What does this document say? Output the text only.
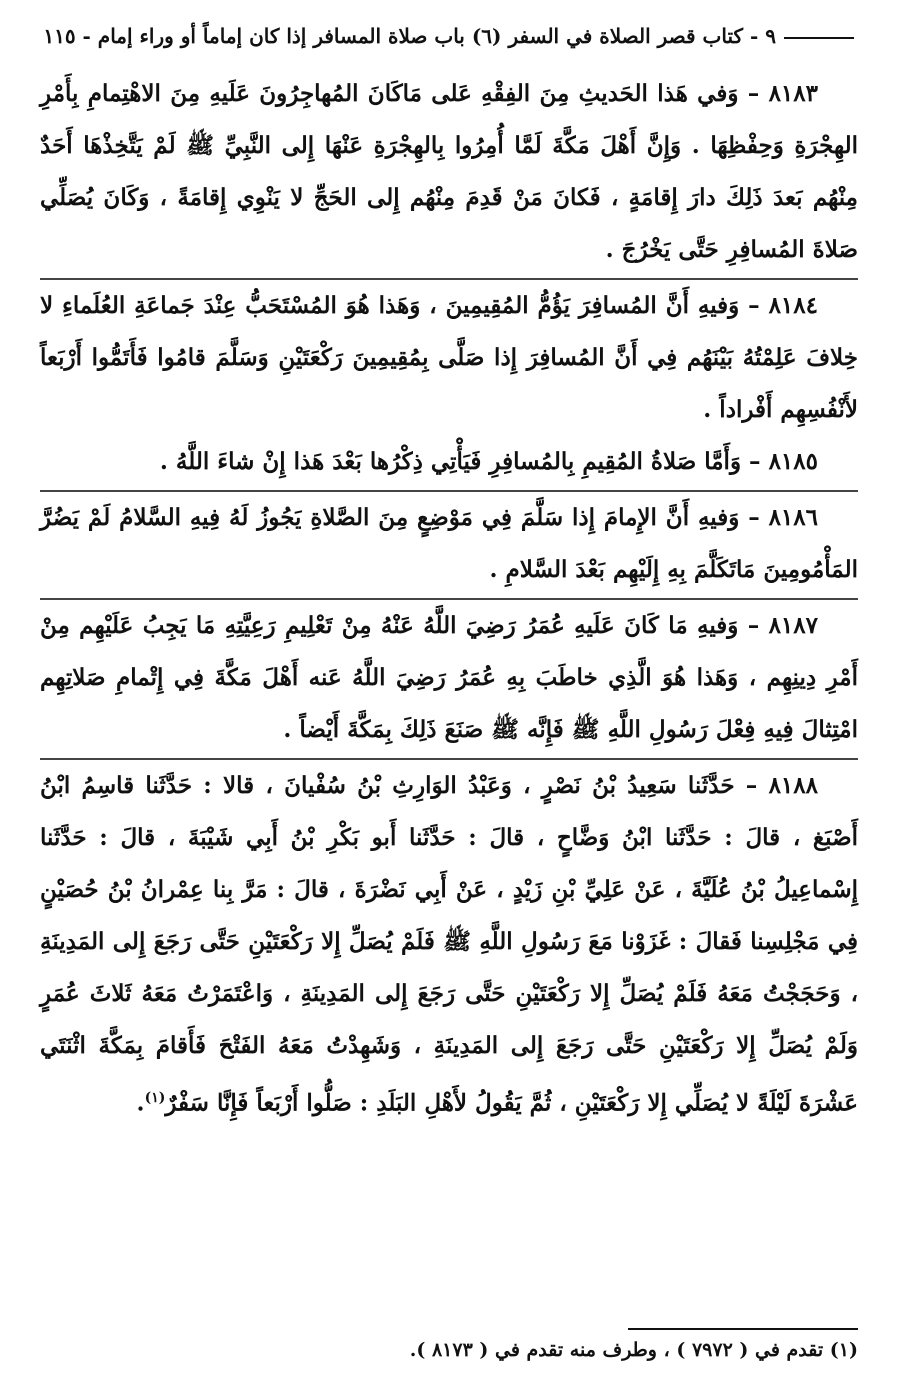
٩ - كتاب قصر الصلاة في السفر (٦) باب صلاة المسافر إذا كان إماماً أو وراء إمام - ١١٥

٨١٨٣ – وَفي هَذا الحَديثِ مِنَ الفِقْهِ عَلى مَاكَانَ المُهاجِرُونَ عَلَيهِ مِنَ الاهْتِمامِ بِأَمْرِ الهِجْرَةِ وَحِفْظِهَا . وَإِنَّ أَهْلَ مَكَّةَ لَمَّا أُمِرُوا بِالهِجْرَةِ عَنْهَا إِلى النَّبِيِّ ﷺ لَمْ يَتَّخِذْهَا أَحَدٌ مِنْهُم بَعدَ ذَلِكَ دارَ إِقامَةٍ ، فَكانَ مَنْ قَدِمَ مِنْهُم إِلى الحَجِّ لا يَنْوِي إِقامَةً ، وَكَانَ يُصَلِّي صَلاةَ المُسافِرِ حَتَّى يَخْرُجَ .

٨١٨٤ – وَفيهِ أَنَّ المُسافِرَ يَؤُمُّ المُقِيمِينَ ، وَهَذا هُوَ المُسْتَحَبُّ عِنْدَ جَماعَةِ العُلَماءِ لا خِلافَ عَلِمْتُهُ بَيْنَهُم فِي أَنَّ المُسافِرَ إِذا صَلَّى بِمُقِيمِينَ رَكْعَتَيْنِ وَسَلَّمَ قامُوا فَأَتَمُّوا أَرْبَعاً لأَنْفُسِهِم أَفْراداً .

٨١٨٥ – وَأَمَّا صَلاةُ المُقِيمِ بِالمُسافِرِ فَيَأْتِي ذِكْرُها بَعْدَ هَذا إِنْ شاءَ اللَّهُ .

٨١٨٦ – وَفيهِ أَنَّ الإِمامَ إِذا سَلَّمَ فِي مَوْضِعٍ مِنَ الصَّلاةِ يَجُوزُ لَهُ فِيهِ السَّلامُ لَمْ يَضُرَّ المَأْمُومِينَ مَاتَكَلَّمَ بِهِ إِلَيْهِم بَعْدَ السَّلامِ .

٨١٨٧ – وَفيهِ مَا كَانَ عَلَيهِ عُمَرُ رَضِيَ اللَّهُ عَنْهُ مِنْ تَعْلِيمِ رَعِيَّتِهِ مَا يَجِبُ عَلَيْهِم مِنْ أَمْرِ دِينِهِم ، وَهَذا هُوَ الَّذِي خاطَبَ بِهِ عُمَرُ رَضِيَ اللَّهُ عَنه أَهْلَ مَكَّةَ فِي إِتْمامِ صَلاتِهِم امْتِثالَ فِيهِ فِعْلَ رَسُولِ اللَّهِ ﷺ فَإِنَّه ﷺ صَنَعَ ذَلِكَ بِمَكَّةَ أَيْضاً .

٨١٨٨ – حَدَّثَنا سَعِيدُ بْنُ نَصْرٍ ، وَعَبْدُ الوَارِثِ بْنُ سُفْيانَ ، قالا : حَدَّثَنا قاسِمُ ابْنُ أَصْبَغ ، قالَ : حَدَّثَنا ابْنُ وَضَّاحٍ ، قالَ : حَدَّثَنا أَبو بَكْرِ بْنُ أَبِي شَيْبَةَ ، قالَ : حَدَّثَنا إِسْماعِيلُ بْنُ عُلَيَّةَ ، عَنْ عَلِيِّ بْنِ زَيْدٍ ، عَنْ أَبِي نَضْرَةَ ، قالَ : مَرَّ بِنا عِمْرانُ بْنُ حُصَيْنٍ فِي مَجْلِسِنا فَقالَ : غَزَوْنا مَعَ رَسُولِ اللَّهِ ﷺ فَلَمْ يُصَلِّ إِلا رَكْعَتَيْنِ حَتَّى رَجَعَ إِلى المَدِينَةِ ، وَحَجَجْتُ مَعَهُ فَلَمْ يُصَلِّ إِلا رَكْعَتَيْنِ حَتَّى رَجَعَ إِلى المَدِينَةِ ، وَاعْتَمَرْتُ مَعَهُ ثَلاثَ عُمَرٍ وَلَمْ يُصَلِّ إِلا رَكْعَتَيْنِ حَتَّى رَجَعَ إِلى المَدِينَةِ ، وَشَهِدْتُ مَعَهُ الفَتْحَ فَأَقامَ بِمَكَّةَ اثْنَتَي عَشْرَةَ لَيْلَةً لا يُصَلِّي إِلا رَكْعَتَيْنِ ، ثُمَّ يَقُولُ لأَهْلِ البَلَدِ : صَلُّوا أَرْبَعاً فَإِنَّا سَفْرٌ$^{(١)}$.

(١) تقدم في ( ٧٩٧٢ ) ، وطرف منه تقدم في ( ٨١٧٣ ).
